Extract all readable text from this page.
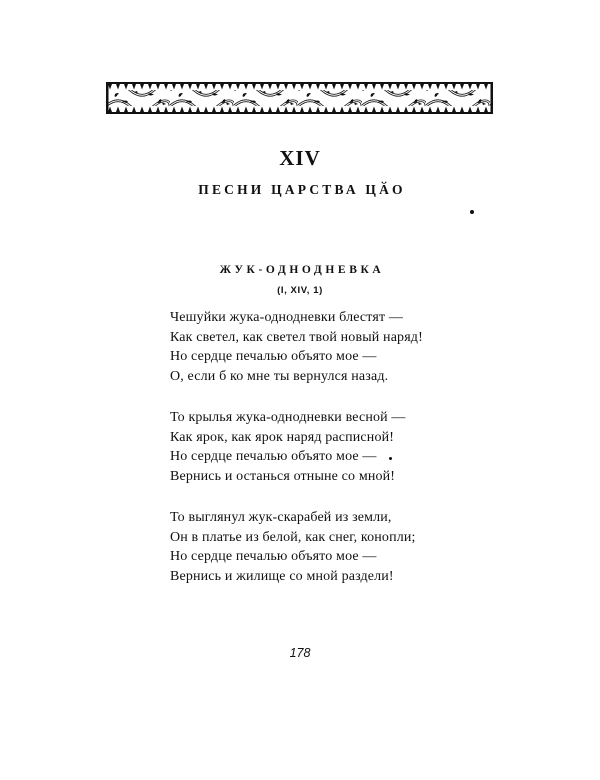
XIV
ПЕСНИ ЦАРСТВА ЦӐО
ЖУК-ОДНОДНЕВКА
(I, XIV, 1)
Чешуйки жука-однодневки блестят —
Как светел, как светел твой новый наряд!
Но сердце печалью объято мое —
О, если б ко мне ты вернулся назад.
То крылья жука-однодневки весной —
Как ярок, как ярок наряд расписной!
Но сердце печалью объято мое —
Вернись и останься отныне со мной!
То выглянул жук-скарабей из земли,
Он в платье из белой, как снег, конопли;
Но сердце печалью объято мое —
Вернись и жилище со мной раздели!
178
